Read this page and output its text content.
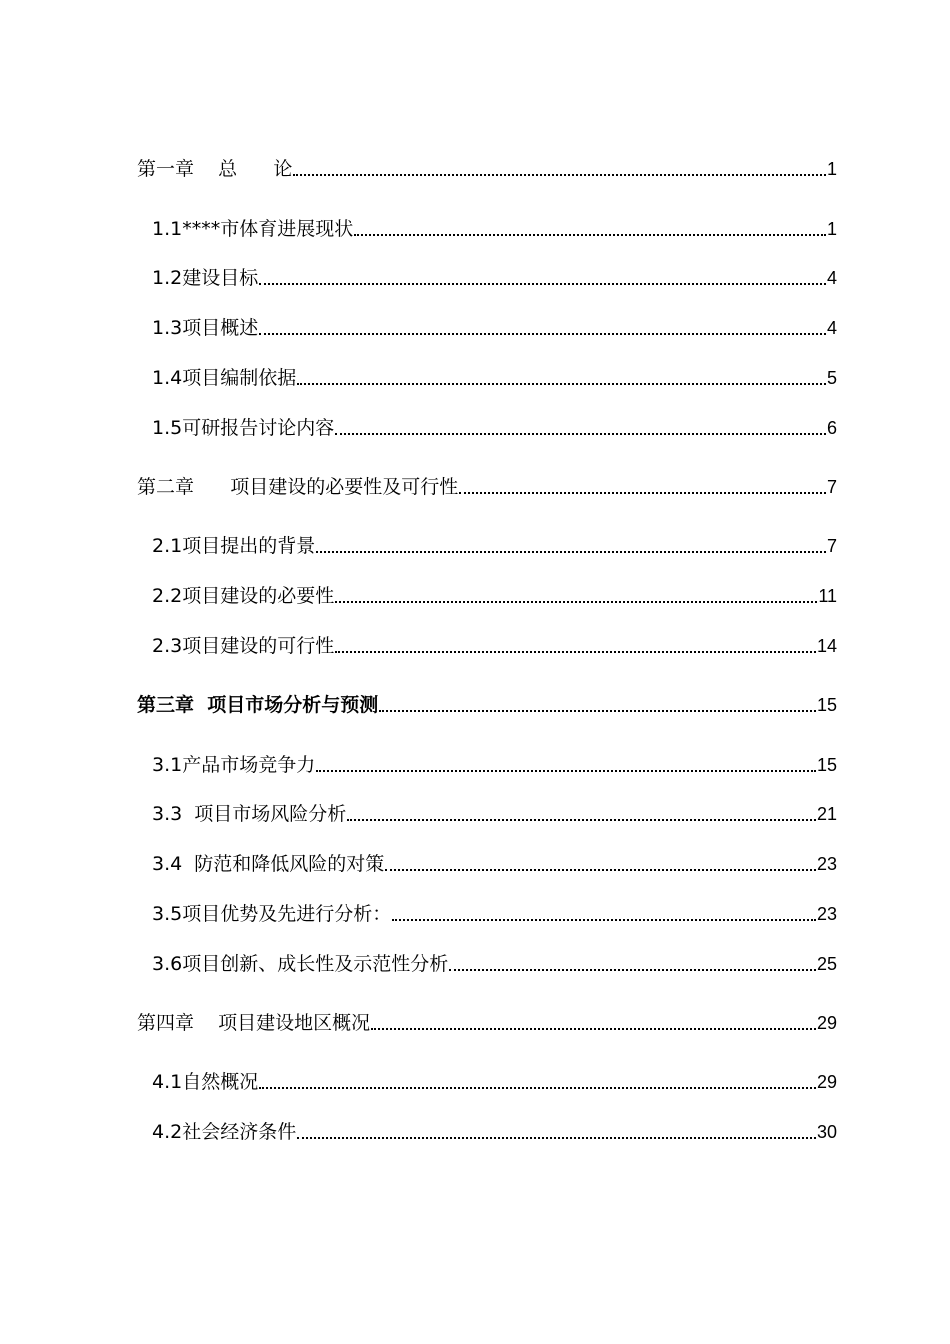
第一章    总      论	1
1.1****市体育进展现状	1
1.2建设目标	4
1.3项目概述	4
1.4项目编制依据	5
1.5可研报告讨论内容	6
第二章      项目建设的必要性及可行性	7
2.1项目提出的背景	7
2.2项目建设的必要性	11
2.3项目建设的可行性	14
第三章  项目市场分析与预测	15
3.1产品市场竞争力	15
3.3  项目市场风险分析	21
3.4  防范和降低风险的对策	23
3.5项目优势及先进行分析：	23
3.6项目创新、成长性及示范性分析	25
第四章    项目建设地区概况	29
4.1自然概况	29
4.2社会经济条件	30
